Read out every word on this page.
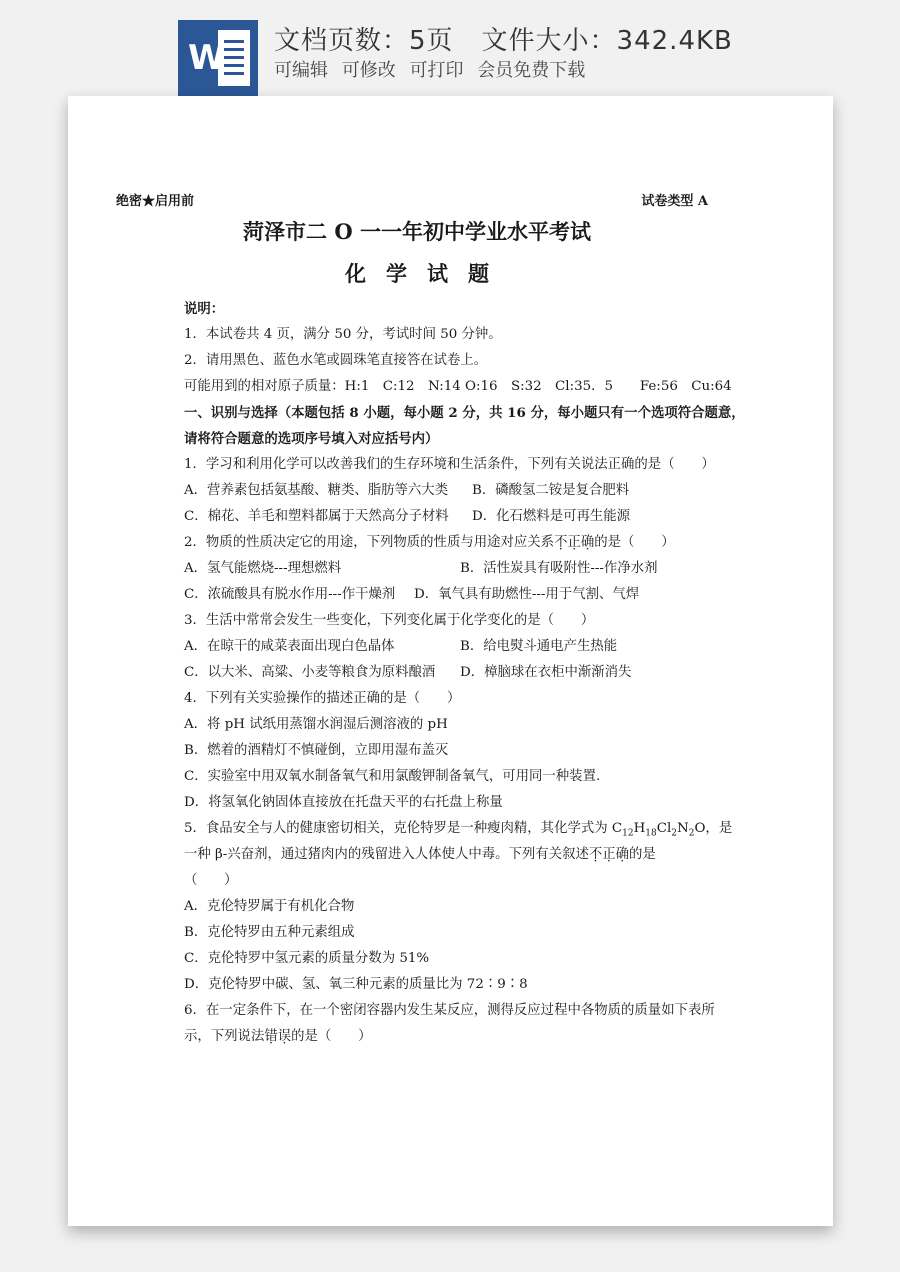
W 文档页数：5页 文件大小：342.4KB
可编辑 可修改 可打印 会员免费下载
绝密★启用前	试卷类型 A
菏泽市二 O 一一年初中学业水平考试
化学试题
说明：
1．本试卷共 4 页，满分 50 分，考试时间 50 分钟。
2．请用黑色、蓝色水笔或圆珠笔直接答在试卷上。
可能用到的相对原子质量：H:1　C:12　N:14 O:16　S:32　Cl:35．5　　Fe:56　Cu:64
一、识别与选择（本题包括 8 小题，每小题 2 分，共 16 分，每小题只有一个选项符合题意，
请将符合题意的选项序号填入对应括号内）
1．学习和利用化学可以改善我们的生存环境和生活条件，下列有关说法正确的是（　　）
A．营养素包括氨基酸、糖类、脂肪等六大类 B．磷酸氢二铵是复合肥料
C．棉花、羊毛和塑料都属于天然高分子材料 D．化石燃料是可再生能源
2．物质的性质决定它的用途，下列物质的性质与用途对应关系不正确的是（　　）
A．氢气能燃烧---理想燃料	B．活性炭具有吸附性---作净水剂
C．浓硫酸具有脱水作用---作干燥剂 D．氧气具有助燃性---用于气割、气焊
3．生活中常常会发生一些变化，下列变化属于化学变化的是（　　）
A．在晾干的咸菜表面出现白色晶体	B．给电熨斗通电产生热能
C．以大米、高粱、小麦等粮食为原料酿酒 D．樟脑球在衣柜中渐渐消失
4．下列有关实验操作的描述正确的是（　　）
A．将 pH 试纸用蒸馏水润湿后测溶液的 pH
B．燃着的酒精灯不慎碰倒，立即用湿布盖灭
C．实验室中用双氧水制备氧气和用氯酸钾制备氧气，可用同一种装置.
D．将氢氧化钠固体直接放在托盘天平的右托盘上称量
5．食品安全与人的健康密切相关，克伦特罗是一种瘦肉精，其化学式为 $C_{12}H_{18}Cl_2N_2O$，是
一种 β-兴奋剂，通过猪肉内的残留进入人体使人中毒。下列有关叙述不正确的是
（　　）
A．克伦特罗属于有机化合物
B．克伦特罗由五种元素组成
C．克伦特罗中氢元素的质量分数为 51%
D．克伦特罗中碳、氢、氧三种元素的质量比为 72∶9∶8
6．在一定条件下，在一个密闭容器内发生某反应，测得反应过程中各物质的质量如下表所
示，下列说法错误的是（　　）
